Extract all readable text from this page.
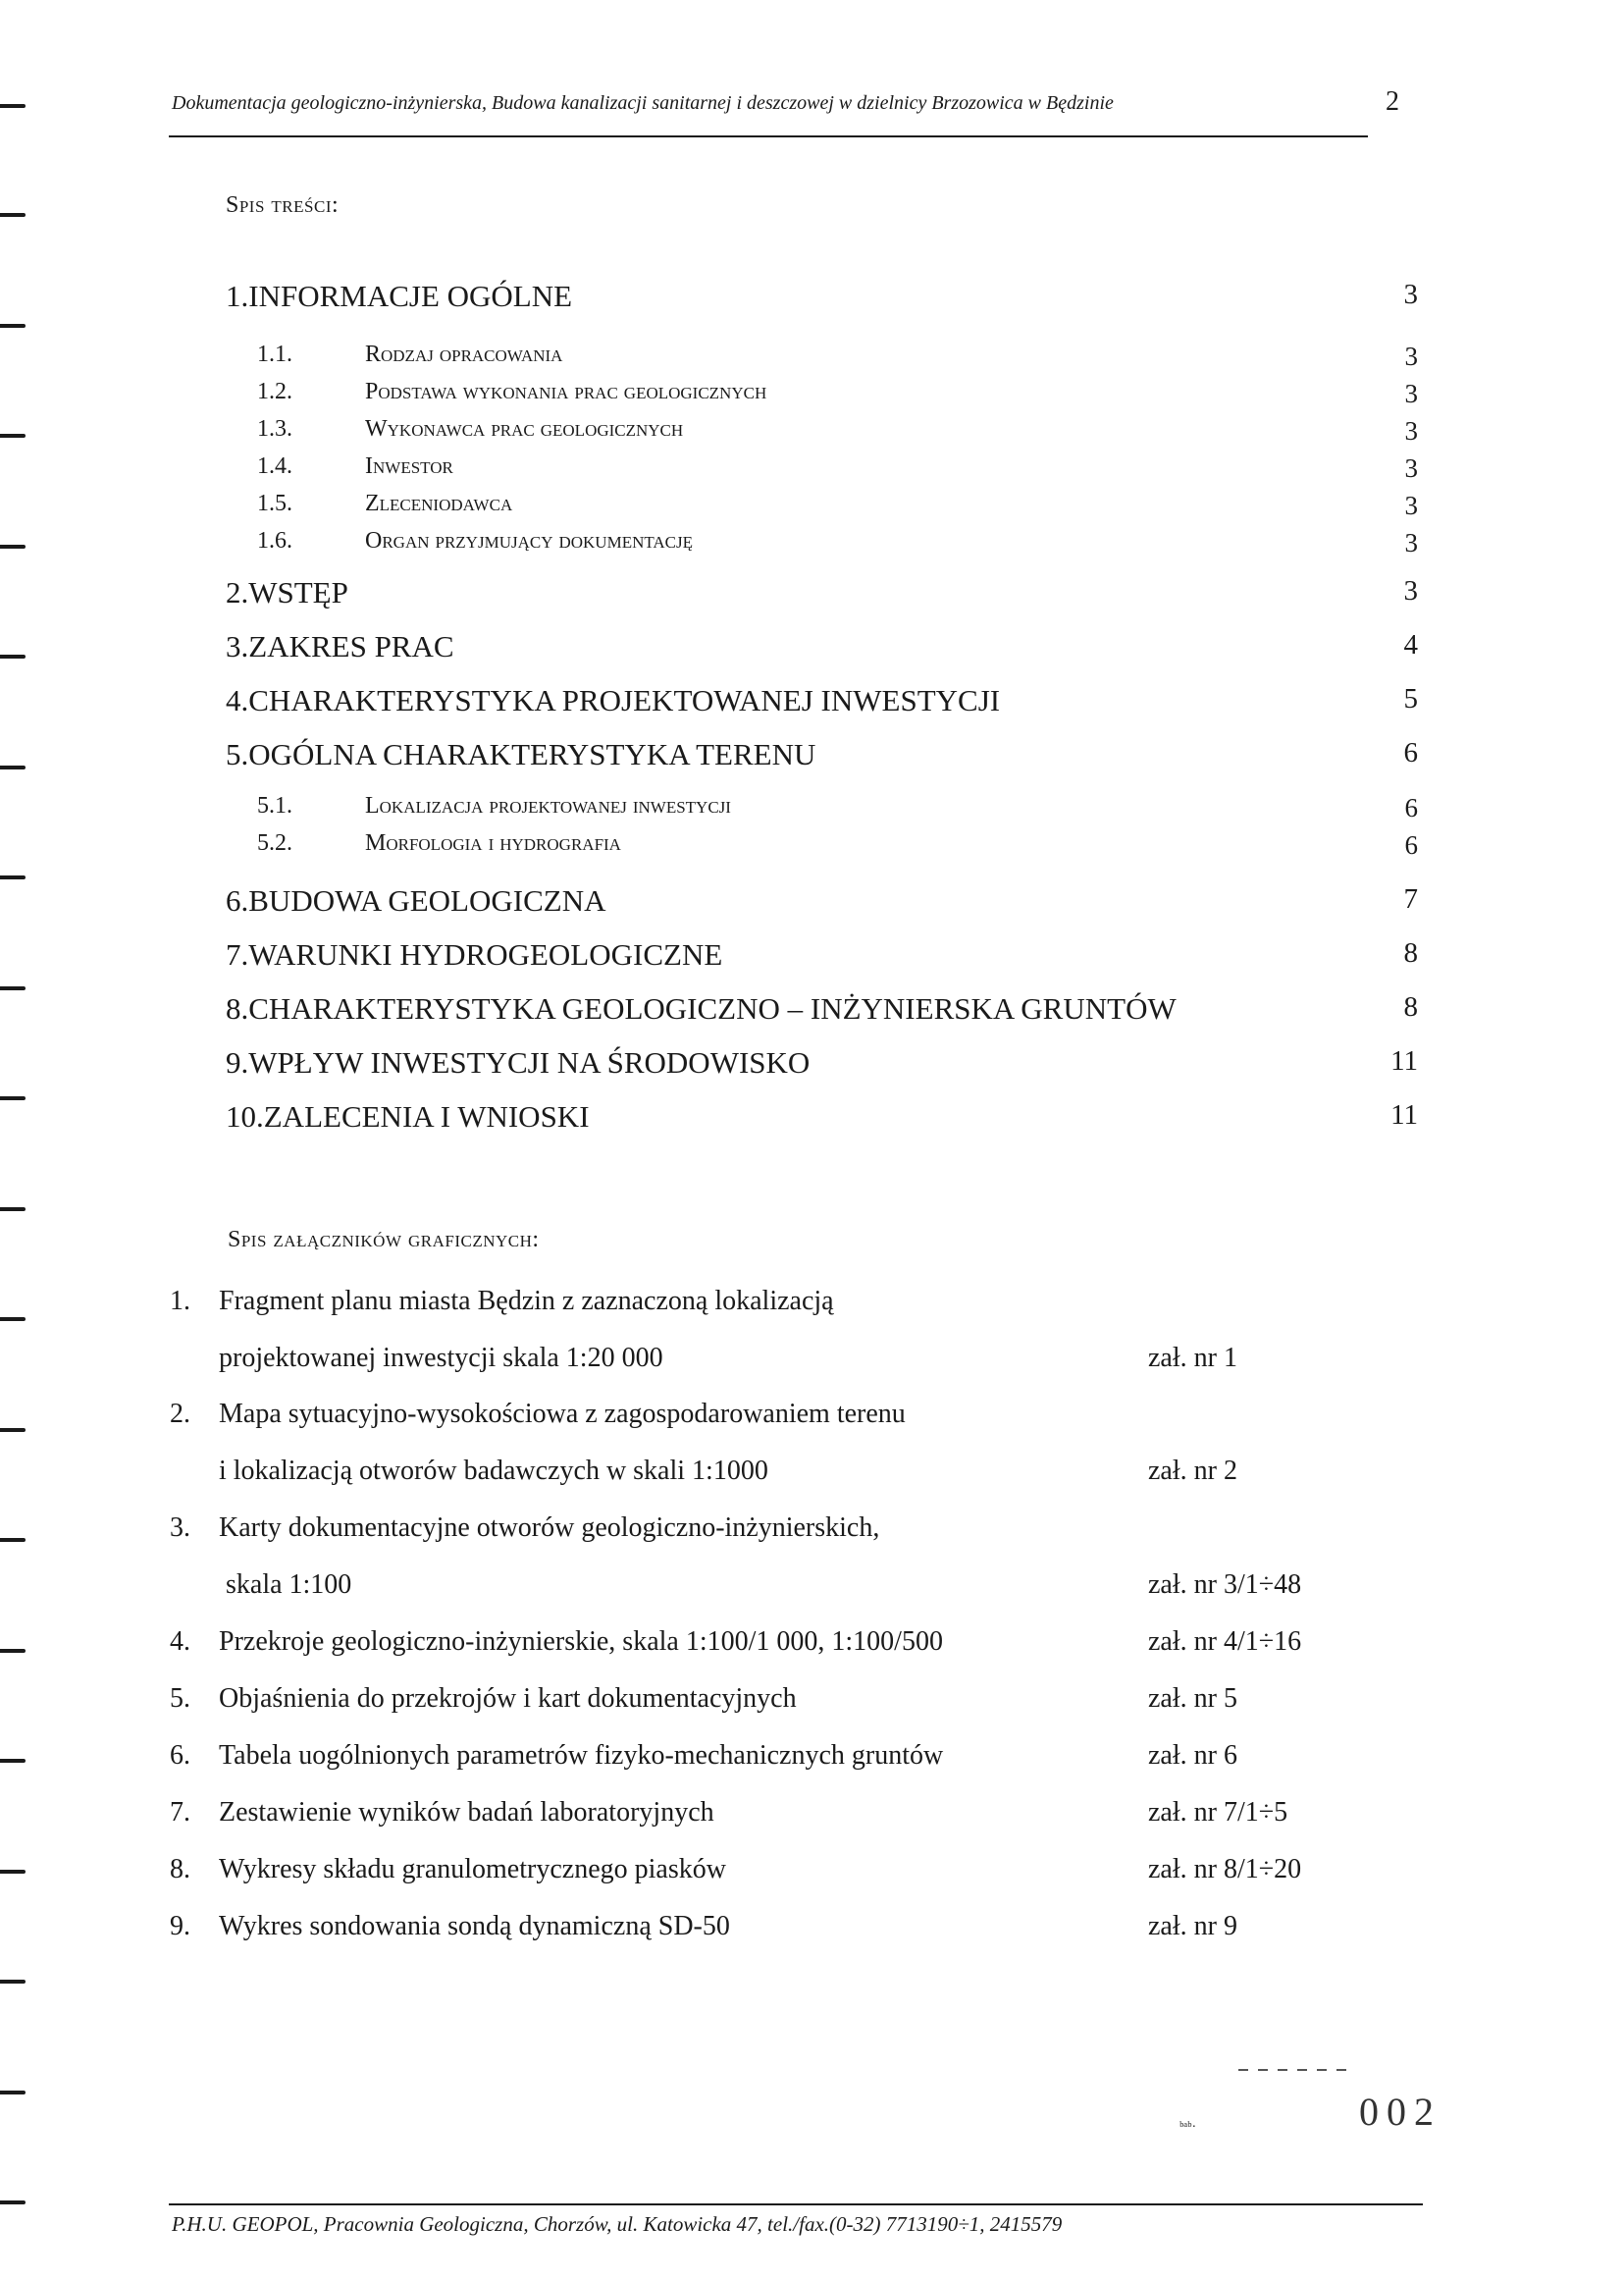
Dokumentacja geologiczno-inżynierska, Budowa kanalizacji sanitarnej i deszczowej w dzielnicy Brzozowica w Będzinie	2
Spis treści:
1.INFORMACJE OGÓLNE	3
1.1.	Rodzaj opracowania	3
1.2.	Podstawa wykonania prac geologicznych	3
1.3.	Wykonawca prac geologicznych	3
1.4.	Inwestor	3
1.5.	Zleceniodawca	3
1.6.	Organ przyjmujący dokumentację	3
2.WSTĘP	3
3.ZAKRES PRAC	4
4.CHARAKTERYSTYKA PROJEKTOWANEJ INWESTYCJI	5
5.OGÓLNA CHARAKTERYSTYKA TERENU	6
5.1.	Lokalizacja projektowanej inwestycji	6
5.2.	Morfologia i hydrografia	6
6.BUDOWA GEOLOGICZNA	7
7.WARUNKI HYDROGEOLOGICZNE	8
8.CHARAKTERYSTYKA GEOLOGICZNO – INŻYNIERSKA GRUNTÓW	8
9.WPŁYW INWESTYCJI NA ŚRODOWISKO	11
10.ZALECENIA I WNIOSKI	11
Spis załączników graficznych:
1. Fragment planu miasta Będzin z zaznaczoną lokalizacją
projektowanej inwestycji skala 1:20 000	zał. nr 1
2. Mapa sytuacyjno-wysokościowa z zagospodarowaniem terenu
i lokalizacją otworów badawczych w skali 1:1000	zał. nr 2
3. Karty dokumentacyjne otworów geologiczno-inżynierskich,
skala 1:100	zał. nr 3/1÷48
4. Przekroje geologiczno-inżynierskie, skala 1:100/1 000, 1:100/500	zał. nr 4/1÷16
5. Objaśnienia do przekrojów i kart dokumentacyjnych	zał. nr 5
6. Tabela uogólnionych parametrów fizyko-mechanicznych gruntów	zał. nr 6
7. Zestawienie wyników badań laboratoryjnych	zał. nr 7/1÷5
8. Wykresy składu granulometrycznego piasków	zał. nr 8/1÷20
9. Wykres sondowania sondą dynamiczną SD-50	zał. nr 9
ᵇᵃᵇ·	002
P.H.U. GEOPOL, Pracownia Geologiczna, Chorzów, ul. Katowicka 47, tel./fax.(0-32) 7713190÷1, 2415579
